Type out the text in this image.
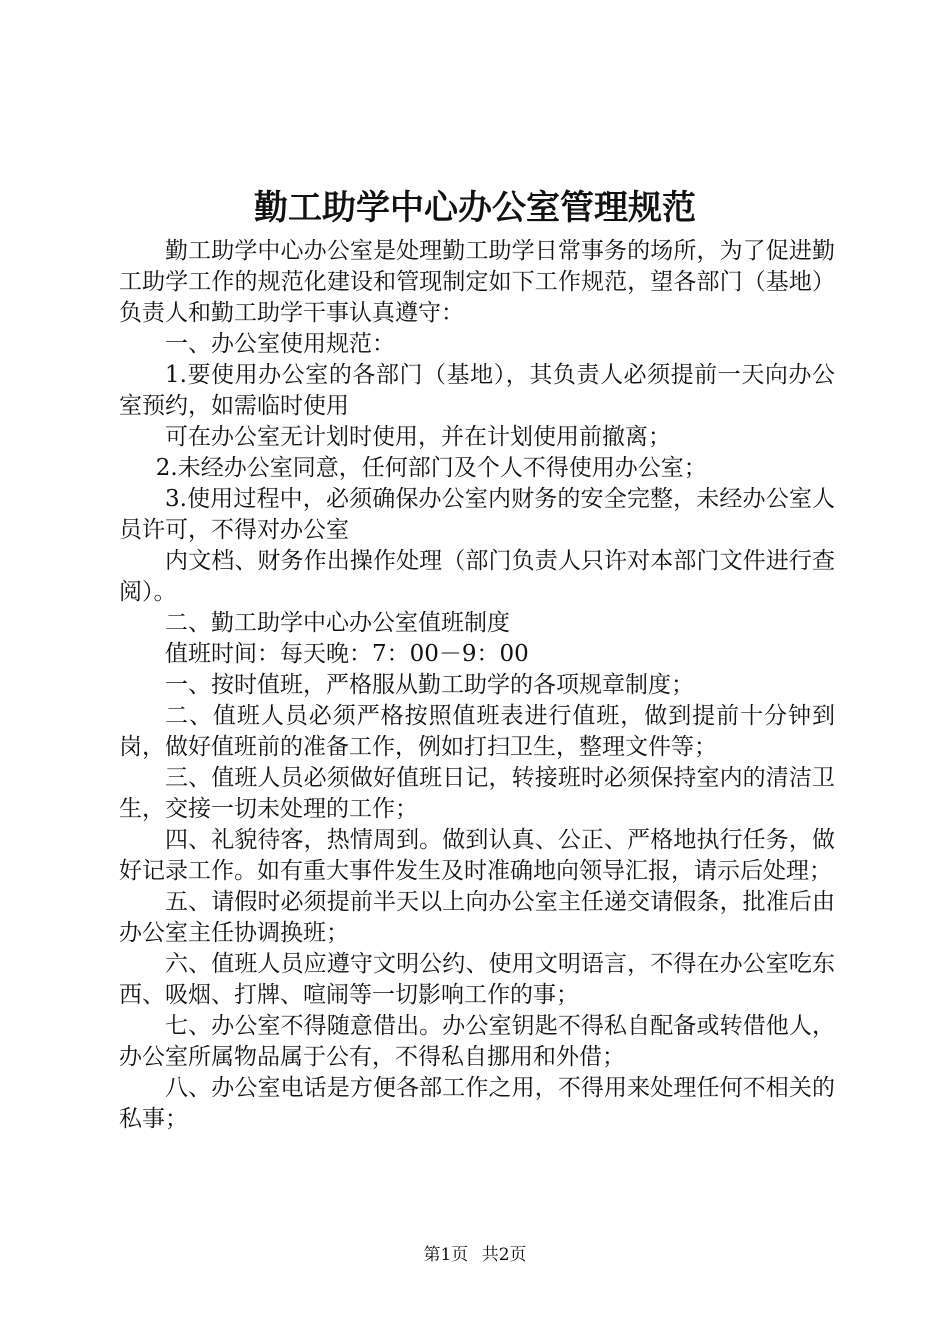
勤工助学中心办公室管理规范

勤工助学中心办公室是处理勤工助学日常事务的场所，为了促进勤工助学工作的规范化建设和管现制定如下工作规范，望各部门（基地）负责人和勤工助学干事认真遵守：

一、办公室使用规范：

1.要使用办公室的各部门（基地），其负责人必须提前一天向办公室预约，如需临时使用

可在办公室无计划时使用，并在计划使用前撤离；

2.未经办公室同意，任何部门及个人不得使用办公室；

3.使用过程中，必须确保办公室内财务的安全完整，未经办公室人员许可，不得对办公室

内文档、财务作出操作处理（部门负责人只许对本部门文件进行查阅）。

二、勤工助学中心办公室值班制度

值班时间：每天晚：7：00－9：00

一、按时值班，严格服从勤工助学的各项规章制度；

二、值班人员必须严格按照值班表进行值班，做到提前十分钟到岗，做好值班前的准备工作，例如打扫卫生，整理文件等；

三、值班人员必须做好值班日记，转接班时必须保持室内的清洁卫生，交接一切未处理的工作；

四、礼貌待客，热情周到。做到认真、公正、严格地执行任务，做好记录工作。如有重大事件发生及时准确地向领导汇报，请示后处理；

五、请假时必须提前半天以上向办公室主任递交请假条，批准后由办公室主任协调换班；

六、值班人员应遵守文明公约、使用文明语言，不得在办公室吃东西、吸烟、打牌、喧闹等一切影响工作的事；

七、办公室不得随意借出。办公室钥匙不得私自配备或转借他人，办公室所属物品属于公有，不得私自挪用和外借；

八、办公室电话是方便各部工作之用，不得用来处理任何不相关的私事；

第1页 共2页
